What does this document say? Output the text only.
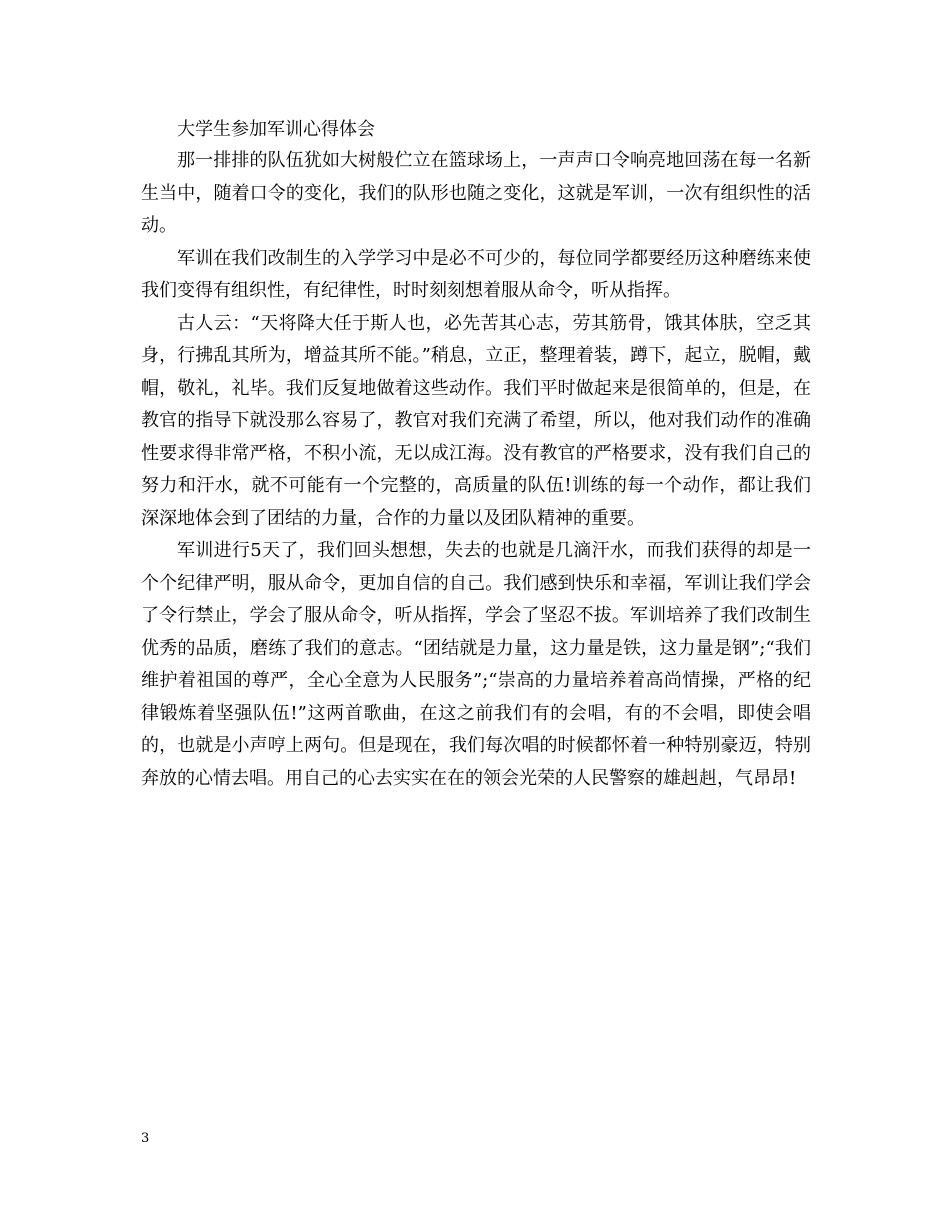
大学生参加军训心得体会

那一排排的队伍犹如大树般伫立在篮球场上，一声声口令响亮地回荡在每一名新生当中，随着口令的变化，我们的队形也随之变化，这就是军训，一次有组织性的活动。

军训在我们改制生的入学学习中是必不可少的，每位同学都要经历这种磨练来使我们变得有组织性，有纪律性，时时刻刻想着服从命令，听从指挥。

古人云：“天将降大任于斯人也，必先苦其心志，劳其筋骨，饿其体肤，空乏其身，行拂乱其所为，增益其所不能。”稍息，立正，整理着装，蹲下，起立，脱帽，戴帽，敬礼，礼毕。我们反复地做着这些动作。我们平时做起来是很简单的，但是，在教官的指导下就没那么容易了，教官对我们充满了希望，所以，他对我们动作的准确性要求得非常严格，不积小流，无以成江海。没有教官的严格要求，没有我们自己的努力和汗水，就不可能有一个完整的，高质量的队伍!训练的每一个动作，都让我们深深地体会到了团结的力量，合作的力量以及团队精神的重要。

军训进行5天了，我们回头想想，失去的也就是几滴汗水，而我们获得的却是一个个纪律严明，服从命令，更加自信的自己。我们感到快乐和幸福，军训让我们学会了令行禁止，学会了服从命令，听从指挥，学会了坚忍不拔。军训培养了我们改制生优秀的品质，磨练了我们的意志。“团结就是力量，这力量是铁，这力量是钢”;“我们维护着祖国的尊严，全心全意为人民服务”;“崇高的力量培养着高尚情操，严格的纪律锻炼着坚强队伍!”这两首歌曲，在这之前我们有的会唱，有的不会唱，即使会唱的，也就是小声哼上两句。但是现在，我们每次唱的时候都怀着一种特别豪迈，特别奔放的心情去唱。用自己的心去实实在在的领会光荣的人民警察的雄赳赳，气昂昂!

3
